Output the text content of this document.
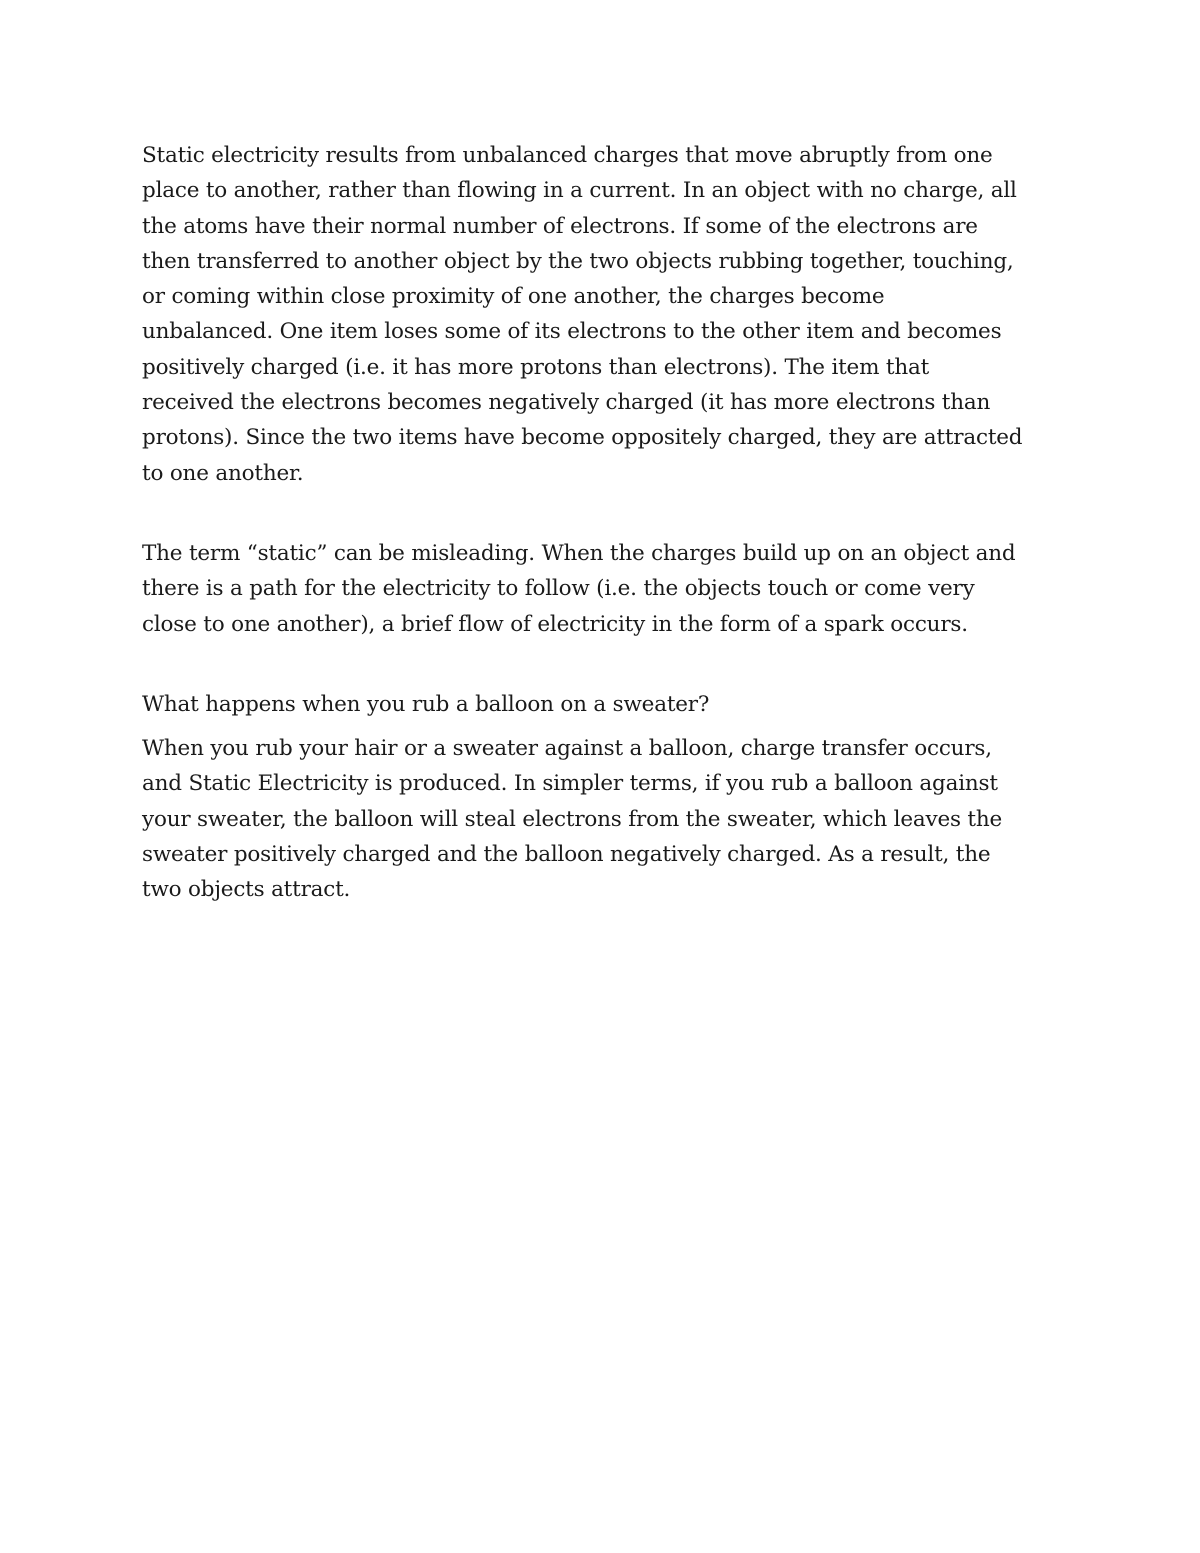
Static electricity results from unbalanced charges that move abruptly from one
place to another, rather than flowing in a current. In an object with no charge, all
the atoms have their normal number of electrons. If some of the electrons are
then transferred to another object by the two objects rubbing together, touching,
or coming within close proximity of one another, the charges become
unbalanced. One item loses some of its electrons to the other item and becomes
positively charged (i.e. it has more protons than electrons). The item that
received the electrons becomes negatively charged (it has more electrons than
protons). Since the two items have become oppositely charged, they are attracted
to one another.
The term “static” can be misleading. When the charges build up on an object and
there is a path for the electricity to follow (i.e. the objects touch or come very
close to one another), a brief flow of electricity in the form of a spark occurs.
What happens when you rub a balloon on a sweater?
When you rub your hair or a sweater against a balloon, charge transfer occurs,
and Static Electricity is produced. In simpler terms, if you rub a balloon against
your sweater, the balloon will steal electrons from the sweater, which leaves the
sweater positively charged and the balloon negatively charged. As a result, the
two objects attract.
